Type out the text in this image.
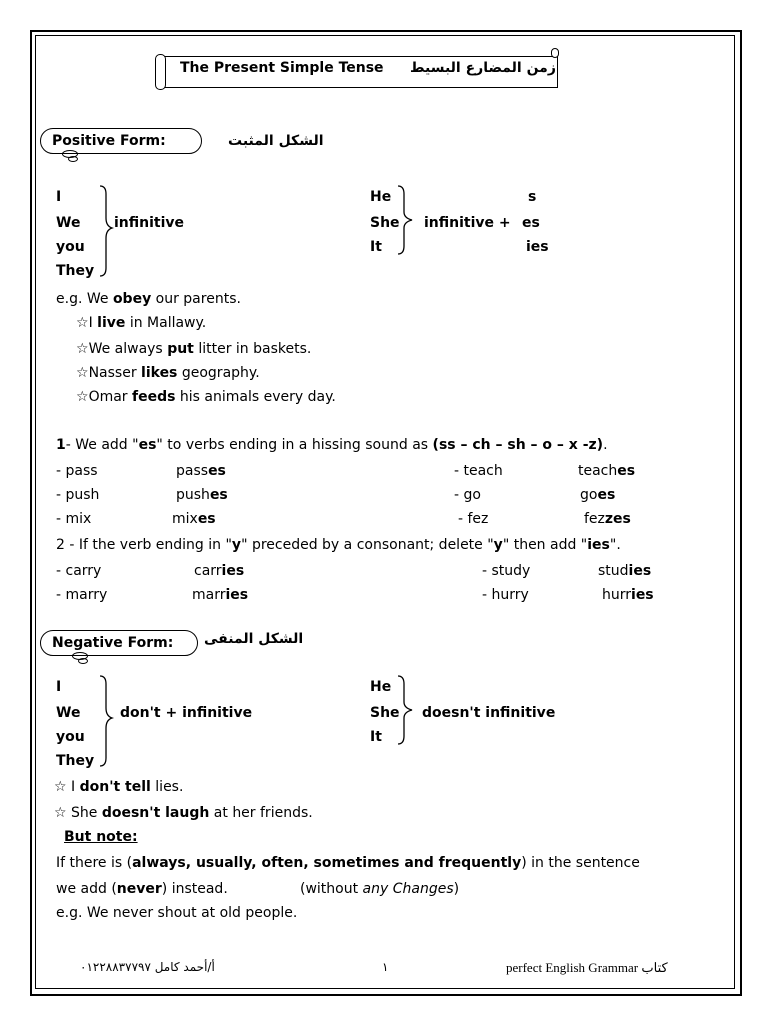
The Present Simple Tense زمن المضارع البسيط
Positive Form:	الشكل المثبت
I
We
you
They
infinitive
He
She
It
infinitive +
s
es
ies
e.g. We obey our parents.
☆I live in Mallawy.
☆We always put litter in baskets.
☆Nasser likes geography.
☆Omar feeds his animals every day.
1- We add "es" to verbs ending in a hissing sound as (ss – ch – sh – o – x -z).
- pass	passes	- teach	teaches
- push	pushes	- go	goes
- mix	mixes	- fez	fezzes
2 - If the verb ending in "y" preceded by a consonant; delete "y" then add "ies".
- carry	carries	- study	studies
- marry	marries	- hurry	hurries
Negative Form: الشكل المنفى
I
We
you
They
don't + infinitive
He
She
It
doesn't infinitive
☆ I don't tell lies.
☆ She doesn't laugh at her friends.
But note:
If there is (always, usually, often, sometimes and frequently) in the sentence
we add (never) instead.	(without any Changes)
e.g. We never shout at old people.
أ/أحمد كامل ٠١٢٢٨٨٣٧٧٩٧	١	perfect English Grammar كتاب
